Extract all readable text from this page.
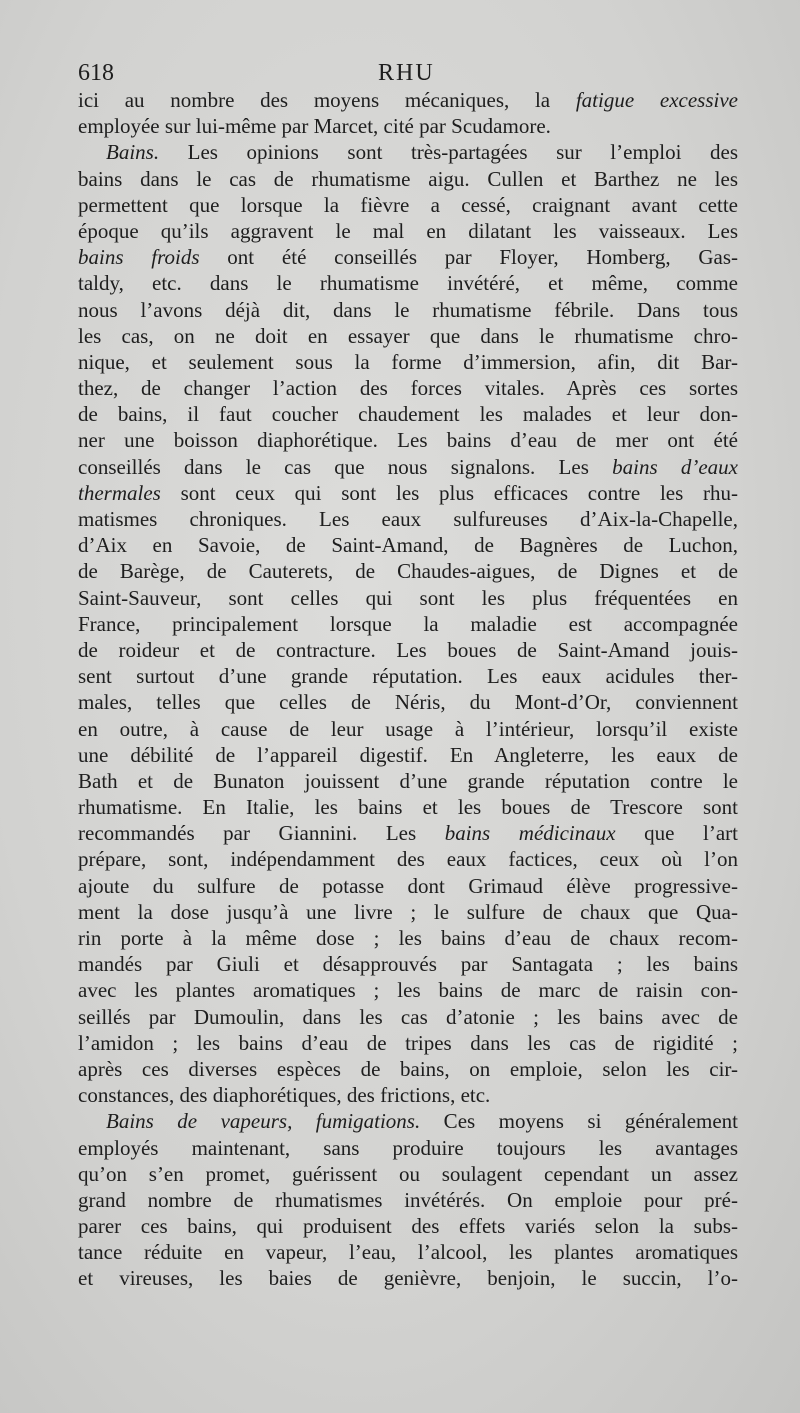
618	RHU
ici au nombre des moyens mécaniques, la fatigue excessive
employée sur lui-même par Marcet, cité par Scudamore.
Bains. Les opinions sont très-partagées sur l’emploi des
bains dans le cas de rhumatisme aigu. Cullen et Barthez ne les
permettent que lorsque la fièvre a cessé, craignant avant cette
époque qu’ils aggravent le mal en dilatant les vaisseaux. Les
bains froids ont été conseillés par Floyer, Homberg, Gas-
taldy, etc. dans le rhumatisme invétéré, et même, comme
nous l’avons déjà dit, dans le rhumatisme fébrile. Dans tous
les cas, on ne doit en essayer que dans le rhumatisme chro-
nique, et seulement sous la forme d’immersion, afin, dit Bar-
thez, de changer l’action des forces vitales. Après ces sortes
de bains, il faut coucher chaudement les malades et leur don-
ner une boisson diaphorétique. Les bains d’eau de mer ont été
conseillés dans le cas que nous signalons. Les bains d’eaux
thermales sont ceux qui sont les plus efficaces contre les rhu-
matismes chroniques. Les eaux sulfureuses d’Aix-la-Chapelle,
d’Aix en Savoie, de Saint-Amand, de Bagnères de Luchon,
de Barège, de Cauterets, de Chaudes-aigues, de Dignes et de
Saint-Sauveur, sont celles qui sont les plus fréquentées en
France, principalement lorsque la maladie est accompagnée
de roideur et de contracture. Les boues de Saint-Amand jouis-
sent surtout d’une grande réputation. Les eaux acidules ther-
males, telles que celles de Néris, du Mont-d’Or, conviennent
en outre, à cause de leur usage à l’intérieur, lorsqu’il existe
une débilité de l’appareil digestif. En Angleterre, les eaux de
Bath et de Bunaton jouissent d’une grande réputation contre le
rhumatisme. En Italie, les bains et les boues de Trescore sont
recommandés par Giannini. Les bains médicinaux que l’art
prépare, sont, indépendamment des eaux factices, ceux où l’on
ajoute du sulfure de potasse dont Grimaud élève progressive-
ment la dose jusqu’à une livre ; le sulfure de chaux que Qua-
rin porte à la même dose ; les bains d’eau de chaux recom-
mandés par Giuli et désapprouvés par Santagata ; les bains
avec les plantes aromatiques ; les bains de marc de raisin con-
seillés par Dumoulin, dans les cas d’atonie ; les bains avec de
l’amidon ; les bains d’eau de tripes dans les cas de rigidité ;
après ces diverses espèces de bains, on emploie, selon les cir-
constances, des diaphorétiques, des frictions, etc.
Bains de vapeurs, fumigations. Ces moyens si généralement
employés maintenant, sans produire toujours les avantages
qu’on s’en promet, guérissent ou soulagent cependant un assez
grand nombre de rhumatismes invétérés. On emploie pour pré-
parer ces bains, qui produisent des effets variés selon la subs-
tance réduite en vapeur, l’eau, l’alcool, les plantes aromatiques
et vireuses, les baies de genièvre, benjoin, le succin, l’o-
